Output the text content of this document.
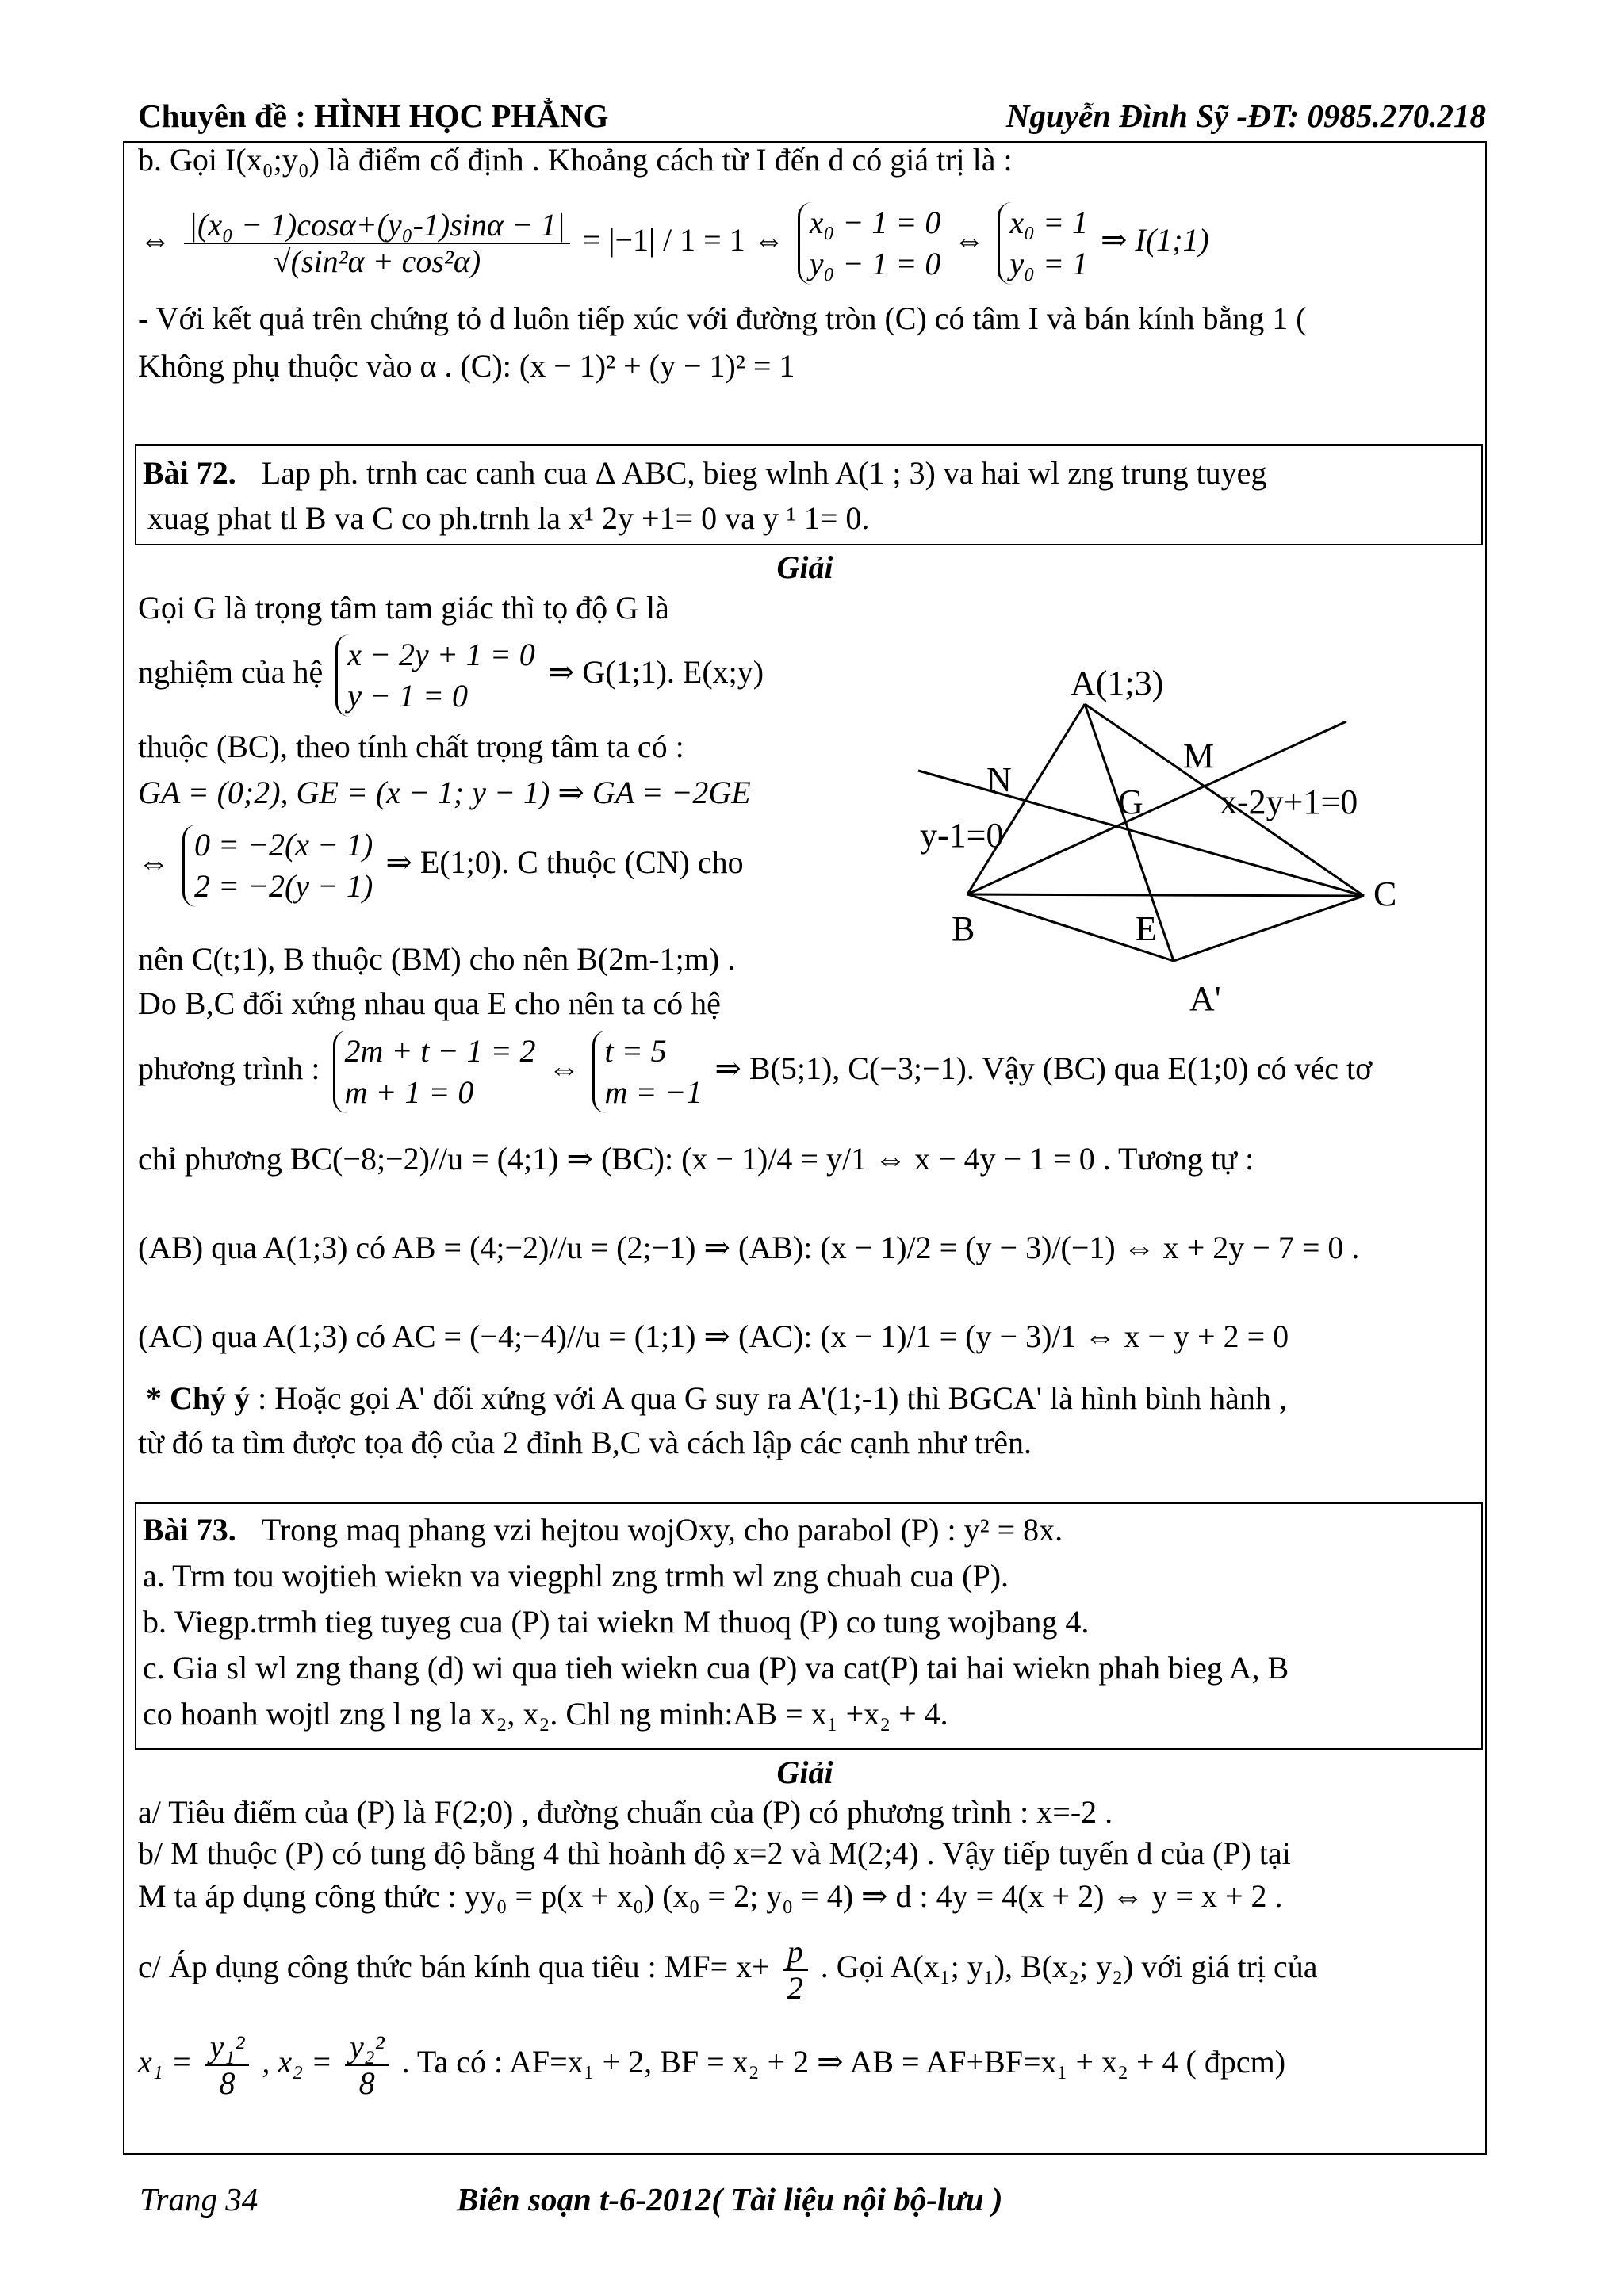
Chuyên đề : HÌNH HỌC PHẲNG	Nguyễn Đình Sỹ -ĐT: 0985.270.218
b. Gọi I(x₀;y₀) là điểm cố định . Khoảng cách từ I đến d có giá trị là :
⇔ $\frac{\text{|(x₀ − 1)cosα+(y₀-1)sinα − 1|}}{\text{√(sin²α + cos²α)}} = |-1| / 1 = 1$ ⇔ x₀ − 1 = 0
y₀ − 1 = 0
⇔ x₀ = 1
y₀ = 1
⇒ I(1;1)
- Với kết quả trên chứng tỏ d luôn tiếp xúc với đường tròn (C) có tâm I và bán kính bằng 1 (
Không phụ thuộc vào α . (C): (x − 1)² + (y − 1)² = 1
Bài 72. Lap ph. trnh cac canh cua Δ ABC, bieg wlnh A(1 ; 3) va hai wl zng trung tuyeg
xuag phat tl B va C co ph.trnh la x¹ 2y +1= 0 va y ¹ 1= 0.
Giải
Gọi G là trọng tâm tam giác thì tọ độ G là
nghiệm của hệ x − 2y + 1 = 0
y − 1 = 0
⇒ G(1;1). E(x;y)
thuộc (BC), theo tính chất trọng tâm ta có :
GA = (0;2), GE = (x − 1; y − 1) ⇒ GA = −2GE
⇔ 0 = −2(x − 1)
2 = −2(y − 1)
⇒ E(1;0). C thuộc (CN) cho
nên C(t;1), B thuộc (BM) cho nên B(2m-1;m) .
Do B,C đối xứng nhau qua E cho nên ta có hệ
phương trình : 2m + t − 1 = 2
m + 1 = 0
⇔ t = 5
m = −1
⇒ B(5;1), C(−3;−1). Vậy (BC) qua E(1;0) có véc tơ
chỉ phương BC(−8;−2)//u = (4;1) ⇒ (BC): (x − 1)/4 = y/1 ⇔ x − 4y − 1 = 0 . Tương tự :
(AB) qua A(1;3) có AB = (4;−2)//u = (2;−1) ⇒ (AB): (x − 1)/2 = (y − 3)/(−1) ⇔ x + 2y − 7 = 0 .
(AC) qua A(1;3) có AC = (−4;−4)//u = (1;1) ⇒ (AC): (x − 1)/1 = (y − 3)/1 ⇔ x − y + 2 = 0
* Chý ý : Hoặc gọi A' đối xứng với A qua G suy ra A'(1;-1) thì BGCA' là hình bình hành ,
từ đó ta tìm được tọa độ của 2 đỉnh B,C và cách lập các cạnh như trên.
A(1;3)
M
N
G x-2y+1=0
y-1=0
B
C
E
A'
Bài 73. Trong maq phang vzi hejtou wojOxy, cho parabol (P) : y² = 8x.
a. Trm tou wojtieh wiekn va viegphl zng trmh wl zng chuah cua (P).
b. Viegp.trmh tieg tuyeg cua (P) tai wiekn M thuoq (P) co tung wojbang 4.
c. Gia sl wl zng thang (d) wi qua tieh wiekn cua (P) va cat(P) tai hai wiekn phah bieg A, B
co hoanh wojtl zng l ng la x₂, x₂. Chl ng minh:AB = x₁ +x₂ + 4.
Giải
a/ Tiêu điểm của (P) là F(2;0) , đường chuẩn của (P) có phương trình : x=-2 .
b/ M thuộc (P) có tung độ bằng 4 thì hoành độ x=2 và M(2;4) . Vậy tiếp tuyến d của (P) tại
M ta áp dụng công thức : yy₀ = p(x + x₀) (x₀ = 2; y₀ = 4) ⇒ d : 4y = 4(x + 2) ⇔ y = x + 2 .
c/ Áp dụng công thức bán kính qua tiêu : $MF= x+ \frac{p}{2}$ . Gọi A(x₁; y₁), B(x₂; y₂) với giá trị của
$x_1 = \frac{\text{y₁²}}{8}$ , $x_2 = \frac{\text{y₂²}}{8}$ . Ta có : AF=x₁ + 2, BF = x₂ + 2 ⇒ AB = AF+BF=x₁ + x₂ + 4 ( đpcm)
Trang 34	Biên soạn t-6-2012( Tài liệu nội bộ-lưu )
